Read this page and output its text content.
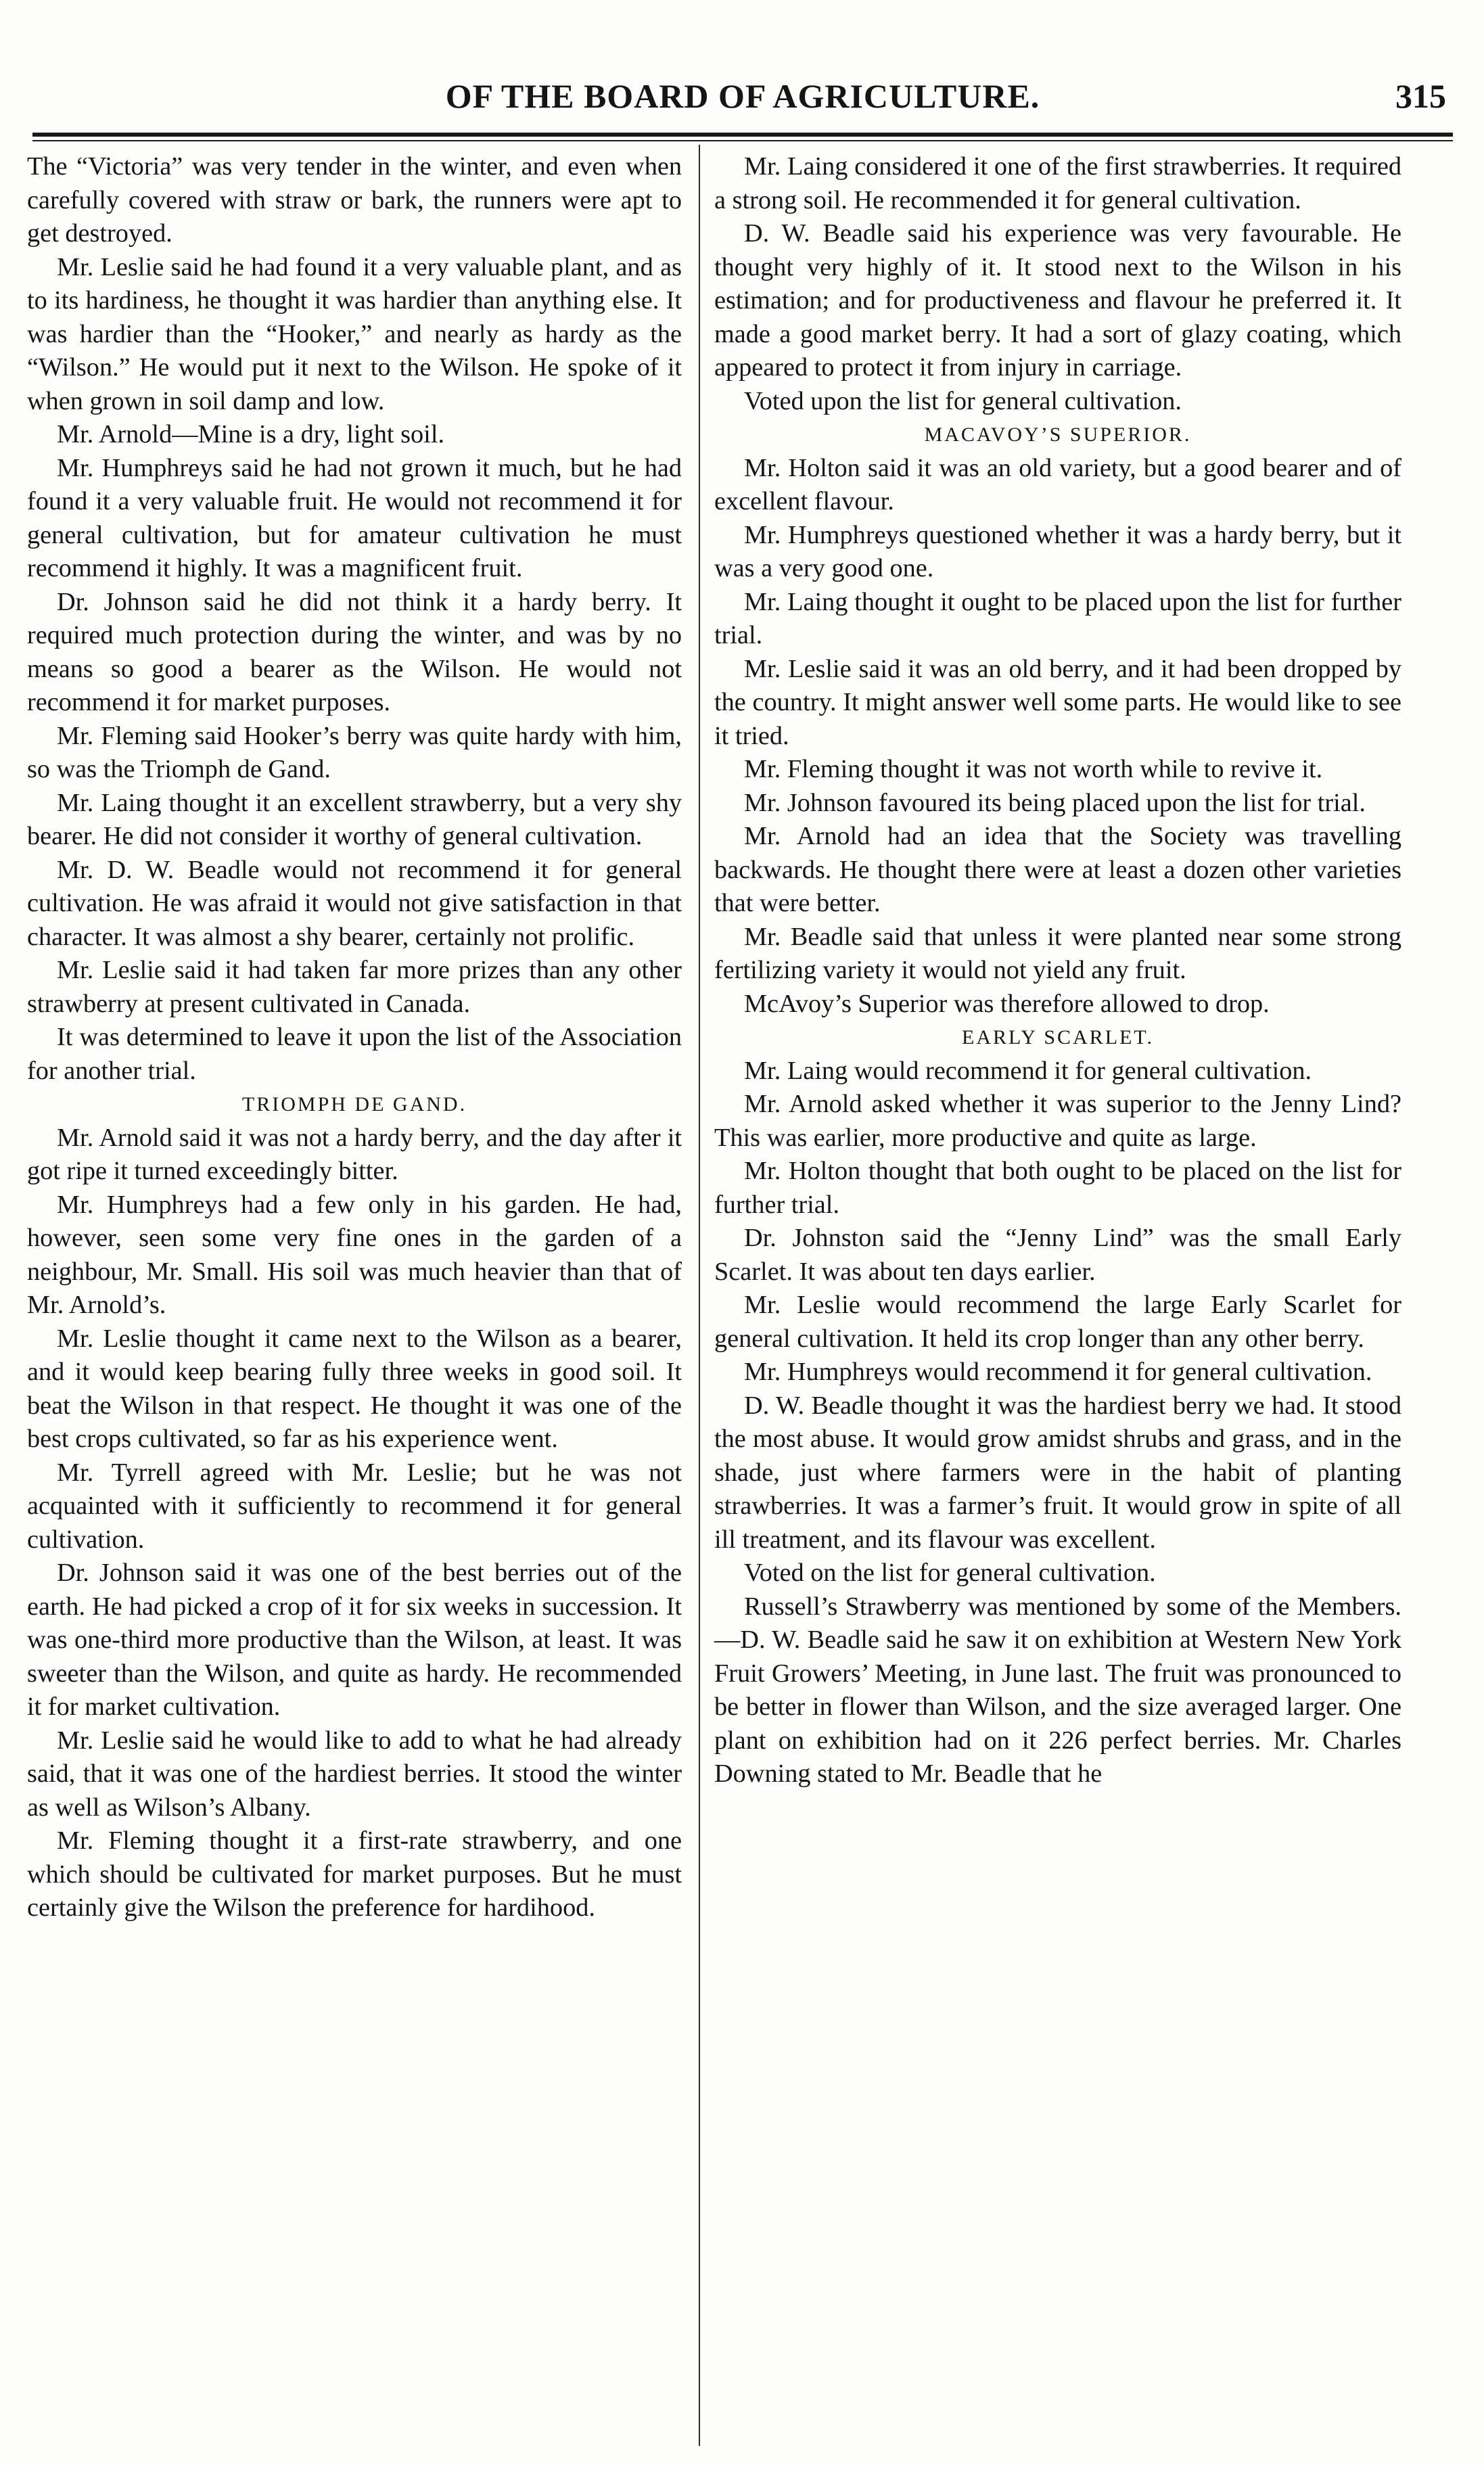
OF THE BOARD OF AGRICULTURE.	315

The “Victoria” was very tender in the winter, and even when carefully covered with straw or bark, the runners were apt to get destroyed.

Mr. Leslie said he had found it a very valuable plant, and as to its hardiness, he thought it was hardier than anything else. It was hardier than the “Hooker,” and nearly as hardy as the “Wilson.” He would put it next to the Wilson. He spoke of it when grown in soil damp and low.

Mr. Arnold—Mine is a dry, light soil.

Mr. Humphreys said he had not grown it much, but he had found it a very valuable fruit. He would not recommend it for general cultivation, but for amateur cultivation he must recommend it highly. It was a magnificent fruit.

Dr. Johnson said he did not think it a hardy berry. It required much protection during the winter, and was by no means so good a bearer as the Wilson. He would not recommend it for market purposes.

Mr. Fleming said Hooker’s berry was quite hardy with him, so was the Triomph de Gand.

Mr. Laing thought it an excellent strawberry, but a very shy bearer. He did not consider it worthy of general cultivation.

Mr. D. W. Beadle would not recommend it for general cultivation. He was afraid it would not give satisfaction in that character. It was almost a shy bearer, certainly not prolific.

Mr. Leslie said it had taken far more prizes than any other strawberry at present cultivated in Canada.

It was determined to leave it upon the list of the Association for another trial.

TRIOMPH DE GAND.

Mr. Arnold said it was not a hardy berry, and the day after it got ripe it turned exceedingly bitter.

Mr. Humphreys had a few only in his garden. He had, however, seen some very fine ones in the garden of a neighbour, Mr. Small. His soil was much heavier than that of Mr. Arnold’s.

Mr. Leslie thought it came next to the Wilson as a bearer, and it would keep bearing fully three weeks in good soil. It beat the Wilson in that respect. He thought it was one of the best crops cultivated, so far as his experience went.

Mr. Tyrrell agreed with Mr. Leslie; but he was not acquainted with it sufficiently to recommend it for general cultivation.

Dr. Johnson said it was one of the best berries out of the earth. He had picked a crop of it for six weeks in succession. It was one-third more productive than the Wilson, at least. It was sweeter than the Wilson, and quite as hardy. He recommended it for market cultivation.

Mr. Leslie said he would like to add to what he had already said, that it was one of the hardiest berries. It stood the winter as well as Wilson’s Albany.

Mr. Fleming thought it a first-rate strawberry, and one which should be cultivated for market purposes. But he must certainly give the Wilson the preference for hardihood.

Mr. Laing considered it one of the first strawberries. It required a strong soil. He recommended it for general cultivation.

D. W. Beadle said his experience was very favourable. He thought very highly of it. It stood next to the Wilson in his estimation; and for productiveness and flavour he preferred it. It made a good market berry. It had a sort of glazy coating, which appeared to protect it from injury in carriage.

Voted upon the list for general cultivation.

MACAVOY’S SUPERIOR.

Mr. Holton said it was an old variety, but a good bearer and of excellent flavour.

Mr. Humphreys questioned whether it was a hardy berry, but it was a very good one.

Mr. Laing thought it ought to be placed upon the list for further trial.

Mr. Leslie said it was an old berry, and it had been dropped by the country. It might answer well some parts. He would like to see it tried.

Mr. Fleming thought it was not worth while to revive it.

Mr. Johnson favoured its being placed upon the list for trial.

Mr. Arnold had an idea that the Society was travelling backwards. He thought there were at least a dozen other varieties that were better.

Mr. Beadle said that unless it were planted near some strong fertilizing variety it would not yield any fruit.

McAvoy’s Superior was therefore allowed to drop.

EARLY SCARLET.

Mr. Laing would recommend it for general cultivation.

Mr. Arnold asked whether it was superior to the Jenny Lind? This was earlier, more productive and quite as large.

Mr. Holton thought that both ought to be placed on the list for further trial.

Dr. Johnston said the “Jenny Lind” was the small Early Scarlet. It was about ten days earlier.

Mr. Leslie would recommend the large Early Scarlet for general cultivation. It held its crop longer than any other berry.

Mr. Humphreys would recommend it for general cultivation.

D. W. Beadle thought it was the hardiest berry we had. It stood the most abuse. It would grow amidst shrubs and grass, and in the shade, just where farmers were in the habit of planting strawberries. It was a farmer’s fruit. It would grow in spite of all ill treatment, and its flavour was excellent.

Voted on the list for general cultivation.

Russell’s Strawberry was mentioned by some of the Members.—D. W. Beadle said he saw it on exhibition at Western New York Fruit Growers’ Meeting, in June last. The fruit was pronounced to be better in flower than Wilson, and the size averaged larger. One plant on exhibition had on it 226 perfect berries. Mr. Charles Downing stated to Mr. Beadle that he
